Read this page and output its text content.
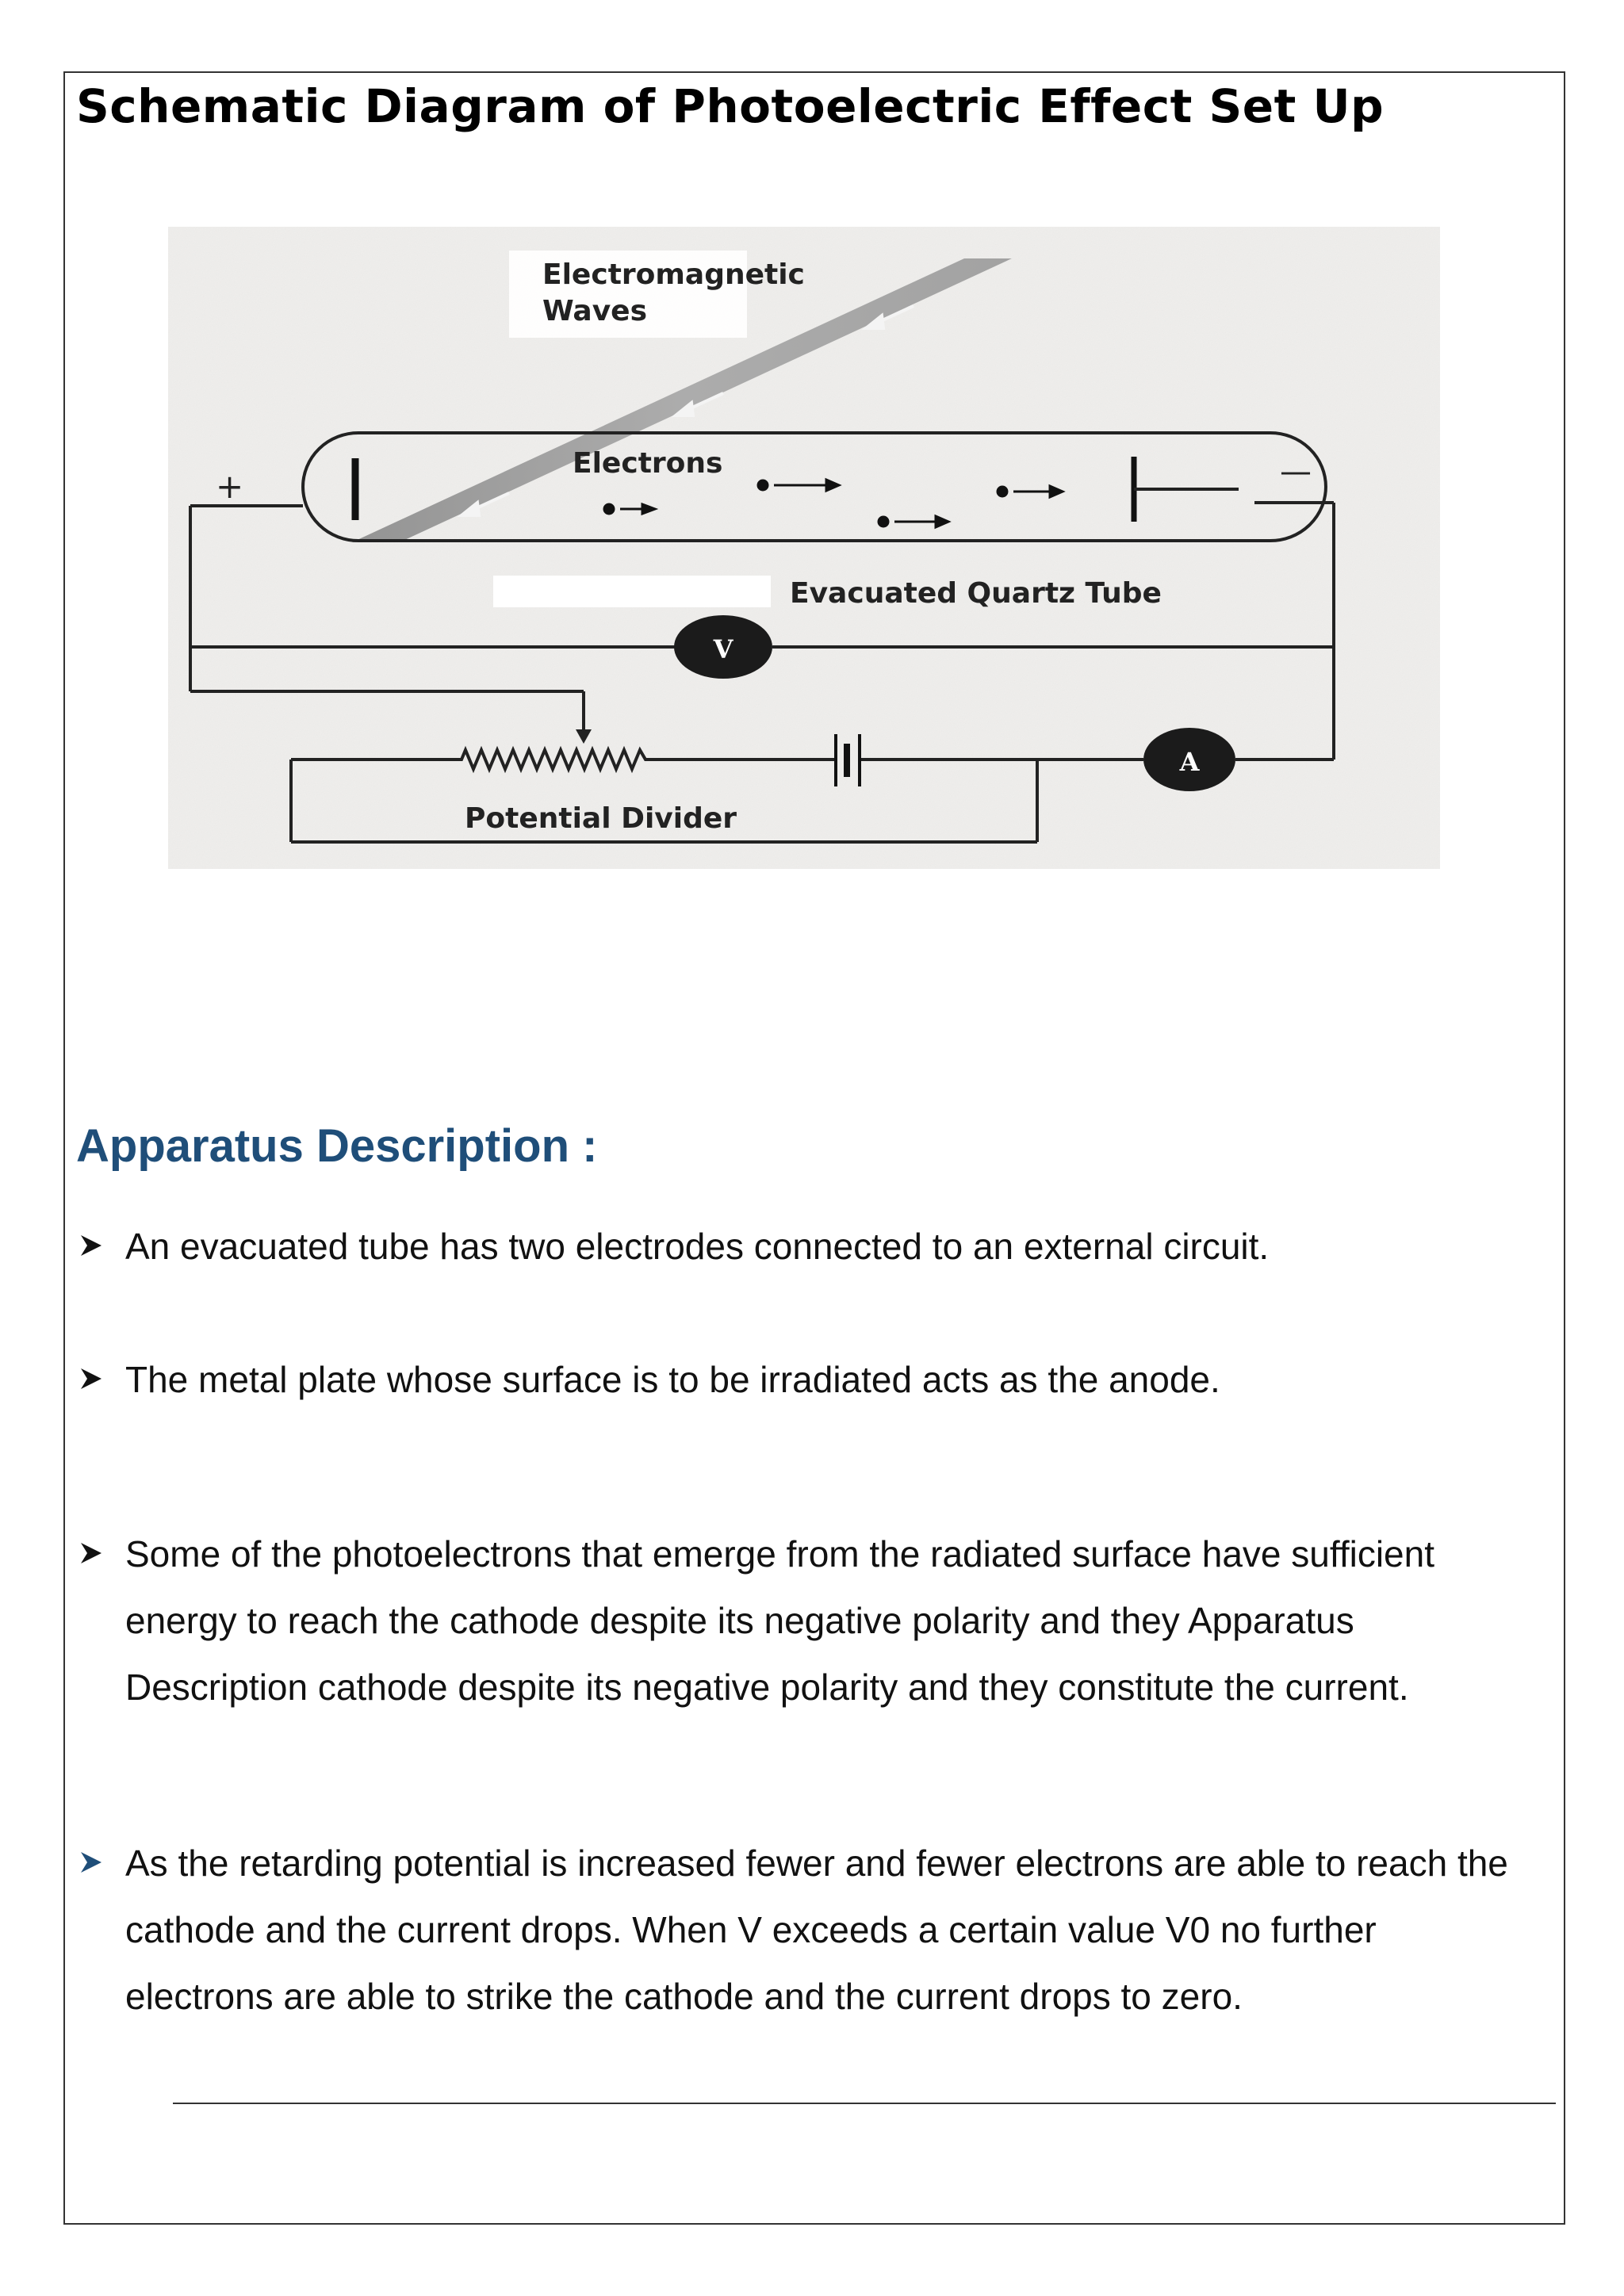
Schematic Diagram of Photoelectric Effect Set Up
+	—
V
A
Electromagnetic
Waves
Electrons
Evacuated Quartz Tube
Potential Divider
Apparatus Description :
An evacuated tube has two electrodes connected to an external circuit.
The metal plate whose surface is to be irradiated acts as the anode.
Some of the photoelectrons that emerge from the radiated surface have sufficient energy to reach the cathode despite its negative polarity and they Apparatus Description cathode despite its negative polarity and they constitute the current.
As the retarding potential is increased fewer and fewer electrons are able to reach the cathode and the current drops. When V exceeds a certain value V0 no further electrons are able to strike the cathode and the current drops to zero.
